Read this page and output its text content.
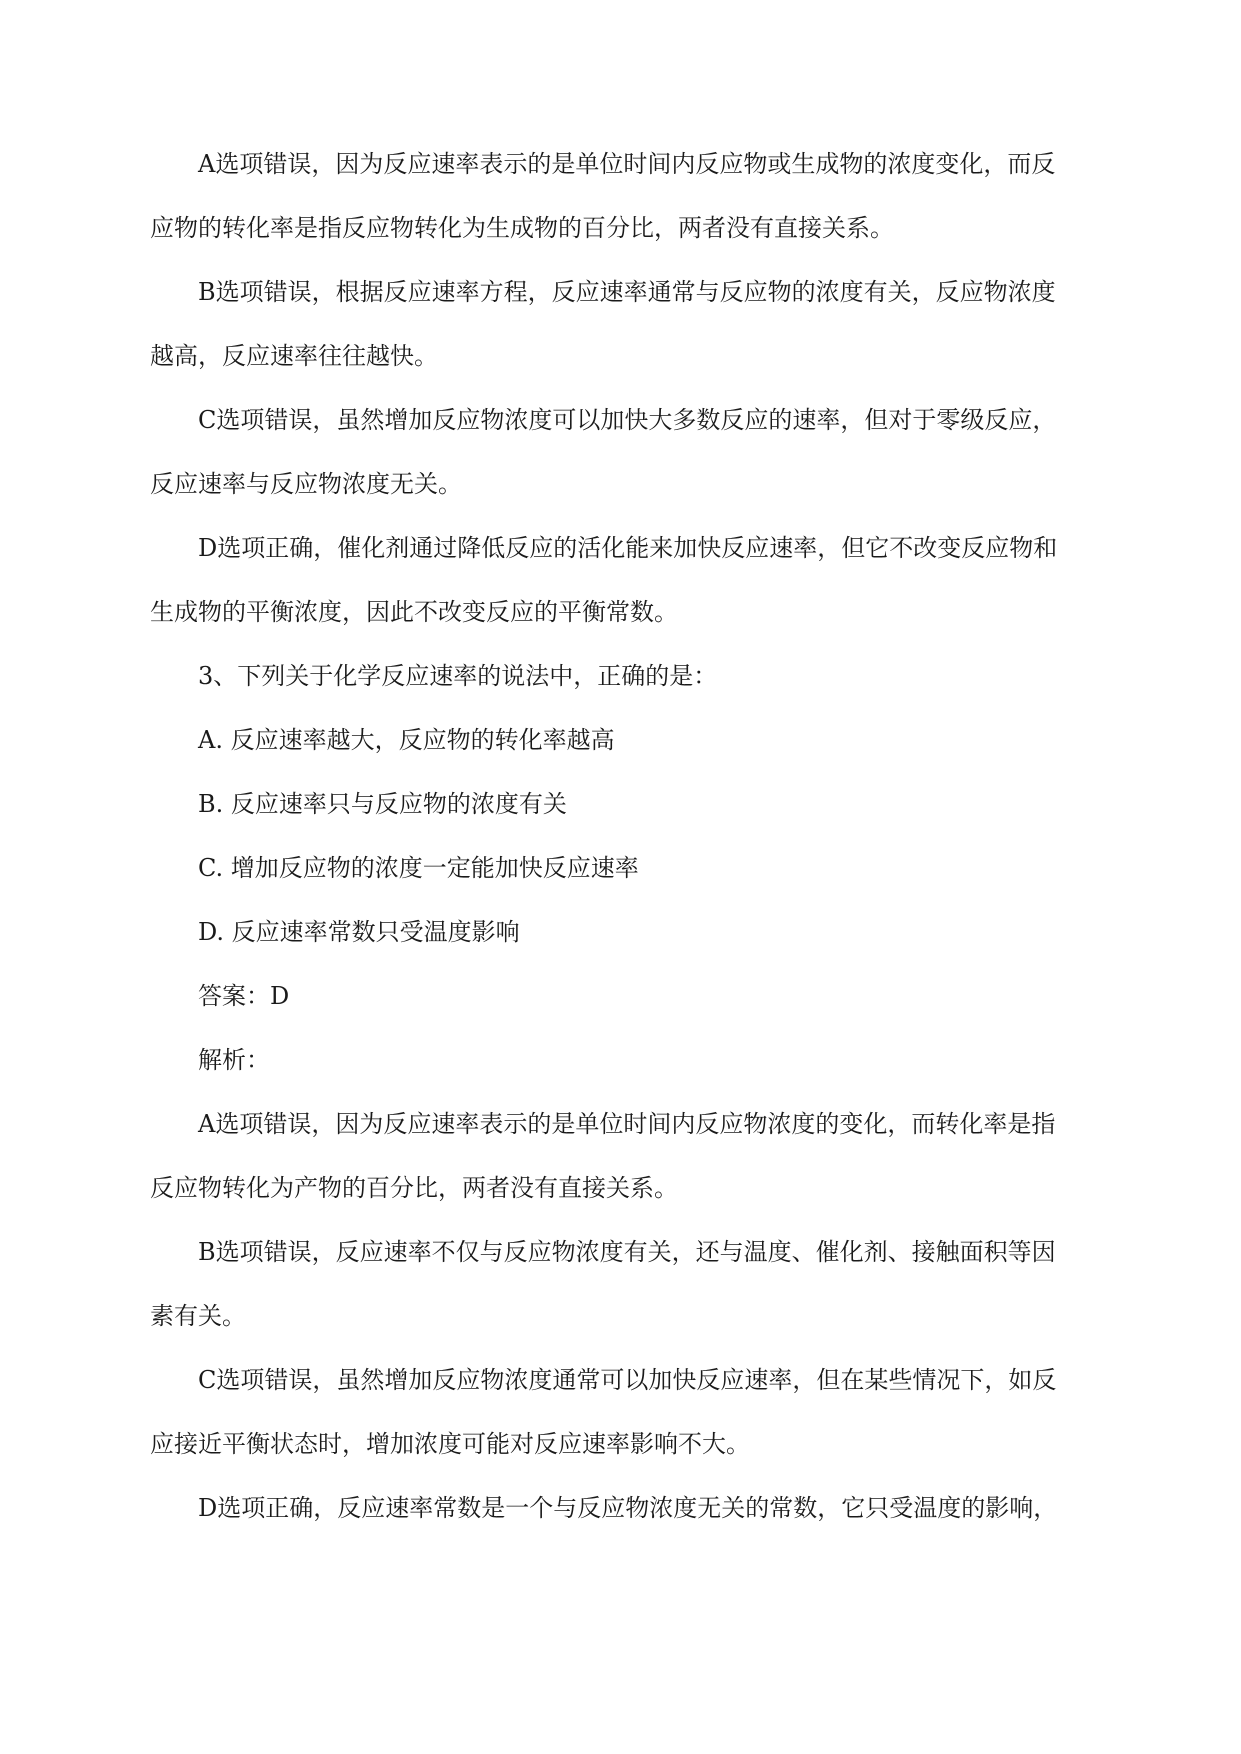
A选项错误，因为反应速率表示的是单位时间内反应物或生成物的浓度变化，而反
应物的转化率是指反应物转化为生成物的百分比，两者没有直接关系。

B选项错误，根据反应速率方程，反应速率通常与反应物的浓度有关，反应物浓度
越高，反应速率往往越快。

C选项错误，虽然增加反应物浓度可以加快大多数反应的速率，但对于零级反应，
反应速率与反应物浓度无关。

D选项正确，催化剂通过降低反应的活化能来加快反应速率，但它不改变反应物和
生成物的平衡浓度，因此不改变反应的平衡常数。

3、下列关于化学反应速率的说法中，正确的是：

A. 反应速率越大，反应物的转化率越高

B. 反应速率只与反应物的浓度有关

C. 增加反应物的浓度一定能加快反应速率

D. 反应速率常数只受温度影响

答案：D

解析：

A选项错误，因为反应速率表示的是单位时间内反应物浓度的变化，而转化率是指
反应物转化为产物的百分比，两者没有直接关系。

B选项错误，反应速率不仅与反应物浓度有关，还与温度、催化剂、接触面积等因
素有关。

C选项错误，虽然增加反应物浓度通常可以加快反应速率，但在某些情况下，如反
应接近平衡状态时，增加浓度可能对反应速率影响不大。

D选项正确，反应速率常数是一个与反应物浓度无关的常数，它只受温度的影响，
